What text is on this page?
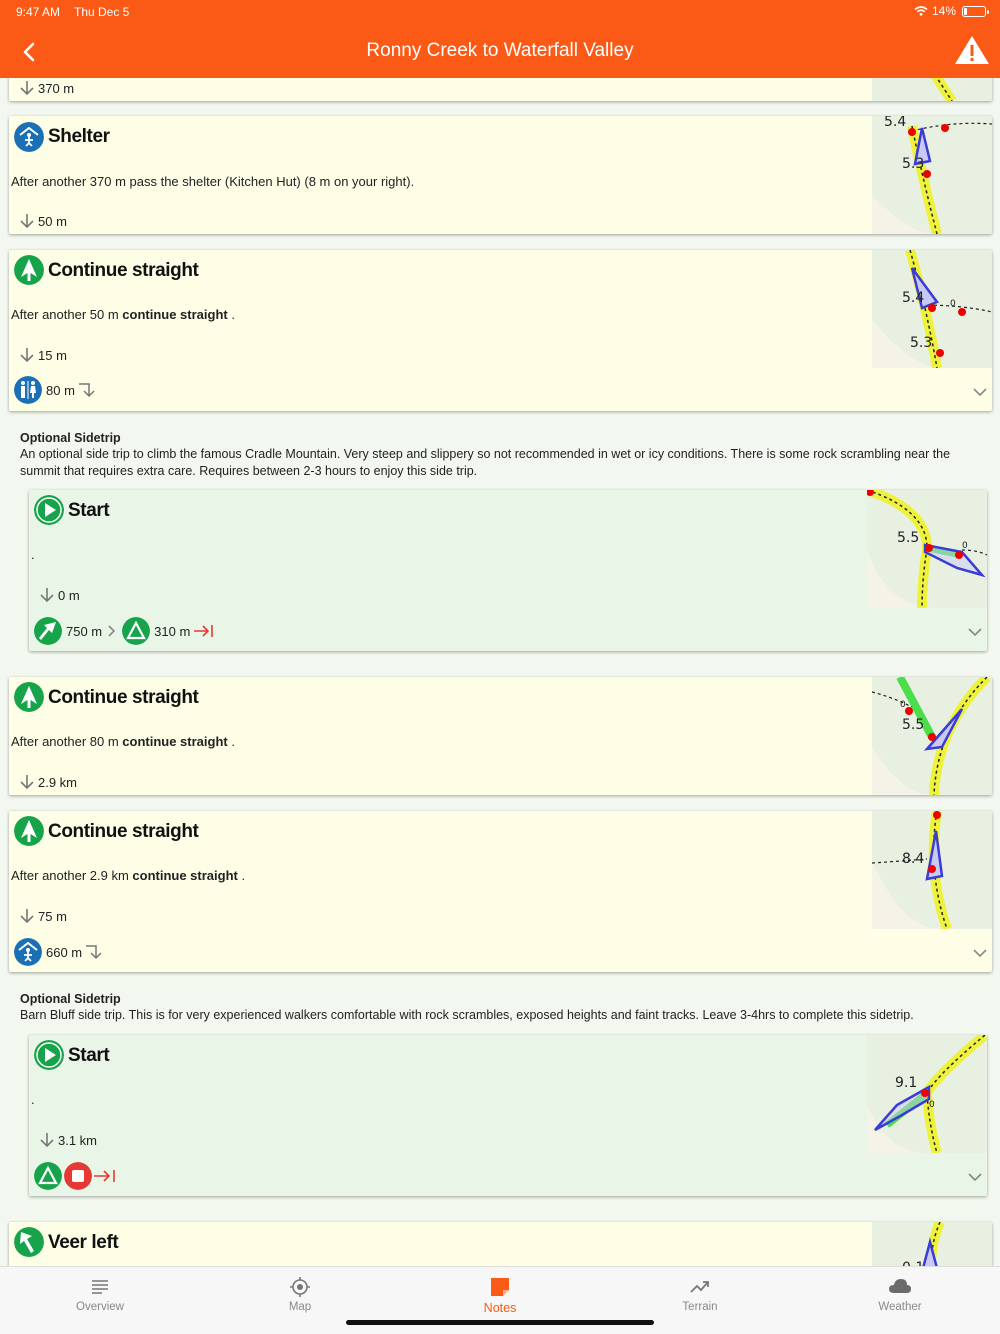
370 m
Shelter
After another 370 m pass the shelter (Kitchen Hut) (8 m on your right).
50 m
5.4
5.3
Continue straight
After another 50 m continue straight .
15 m
80 m
5.4
5.3
0
Optional Sidetrip
An optional side trip to climb the famous Cradle Mountain. Very steep and slippery so not recommended in wet or icy conditions. There is some rock scrambling near the summit that requires extra care. Requires between 2-3 hours to enjoy this side trip.
Start
.
0 m
750 m	310 m
5.5	0
Continue straight
After another 80 m continue straight .
2.9 km
5.5
0
Continue straight
After another 2.9 km continue straight .
75 m
660 m
8.4
Optional Sidetrip
Barn Bluff side trip. This is for very experienced walkers comfortable with rock scrambles, exposed heights and faint tracks. Leave 3-4hrs to complete this sidetrip.
Start
.
3.1 km
9.1
0
Veer left
9:47 AM Thu Dec 5	14%
Ronny Creek to Waterfall Valley
Overview	Map	Notes	Terrain	Weather
